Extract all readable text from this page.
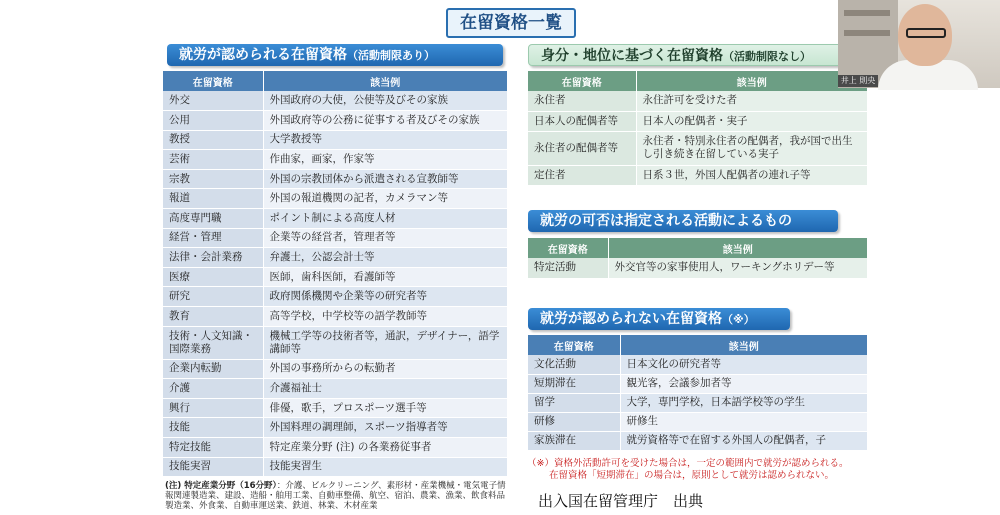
在留資格一覧
就労が認められる在留資格（活動制限あり）
在留資格	該当例
外交	外国政府の大使，公使等及びその家族
公用	外国政府等の公務に従事する者及びその家族
教授	大学教授等
芸術	作曲家，画家，作家等
宗教	外国の宗教団体から派遣される宣教師等
報道	外国の報道機関の記者，カメラマン等
高度専門職	ポイント制による高度人材
経営・管理	企業等の経営者，管理者等
法律・会計業務	弁護士，公認会計士等
医療	医師，歯科医師，看護師等
研究	政府関係機関や企業等の研究者等
教育	高等学校，中学校等の語学教師等
技術・人文知識・国際業務	機械工学等の技術者等，通訳，デザイナー，語学講師等
企業内転勤	外国の事務所からの転勤者
介護	介護福祉士
興行	俳優，歌手，プロスポーツ選手等
技能	外国料理の調理師，スポーツ指導者等
特定技能	特定産業分野 (注) の各業務従事者
技能実習	技能実習生
(注) 特定産業分野（16分野）：介護、ビルクリーニング、素形材・産業機械・電気電子情報関連製造業、建設、造船・舶用工業、自動車整備、航空、宿泊、農業、漁業、飲食料品製造業、外食業、自動車運送業、鉄道、林業、木材産業
身分・地位に基づく在留資格（活動制限なし）
在留資格	該当例
永住者	永住許可を受けた者
日本人の配偶者等	日本人の配偶者・実子
永住者の配偶者等	永住者・特別永住者の配偶者，我が国で出生し引き続き在留している実子
定住者	日系３世，外国人配偶者の連れ子等
就労の可否は指定される活動によるもの
在留資格	該当例
特定活動	外交官等の家事使用人，ワーキングホリデー等
就労が認められない在留資格（※）
在留資格	該当例
文化活動	日本文化の研究者等
短期滞在	観光客，会議参加者等
留学	大学，専門学校，日本語学校等の学生
研修	研修生
家族滞在	就労資格等で在留する外国人の配偶者，子
（※）資格外活動許可を受けた場合は，一定の範囲内で就労が認められる。
在留資格「短期滞在」の場合は，原則として就労は認められない。
出入国在留管理庁　出典
井上 則央
